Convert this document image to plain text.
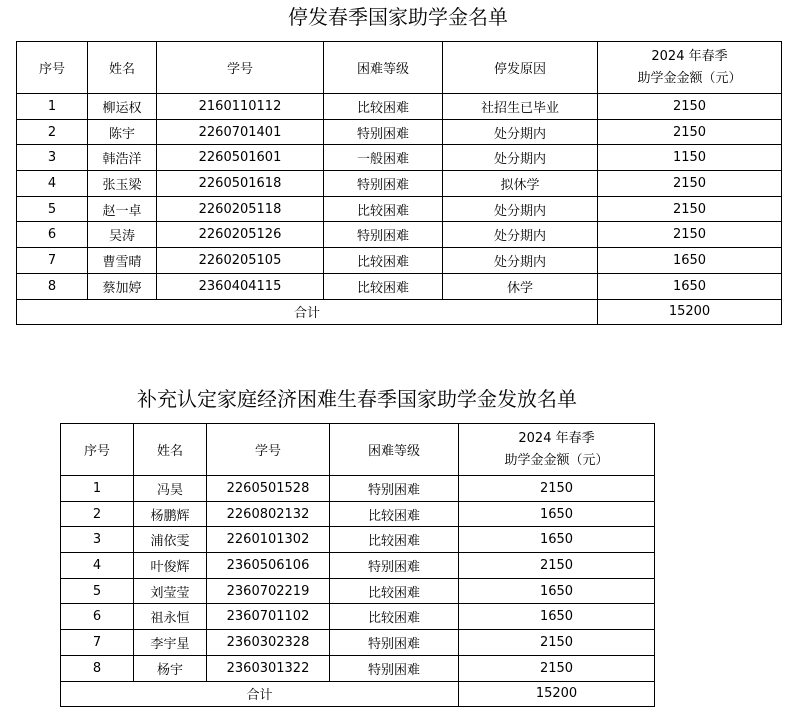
停发春季国家助学金名单
序号	姓名	学号	困难等级	停发原因	2024 年春季
助学金金额（元）

1	柳运权	2160110112	比较困难	社招生已毕业	2150
2	陈宇	2260701401	特别困难	处分期内	2150
3	韩浩洋	2260501601	一般困难	处分期内	1150
4	张玉梁	2260501618	特别困难	拟休学	2150
5	赵一卓	2260205118	比较困难	处分期内	2150
6	吴涛	2260205126	特别困难	处分期内	2150
7	曹雪晴	2260205105	比较困难	处分期内	1650
8	蔡加婷	2360404115	比较困难	休学	1650
合计					15200
补充认定家庭经济困难生春季国家助学金发放名单
序号	姓名	学号	困难等级	2024 年春季
助学金金额（元）

1	冯昊	2260501528	特别困难	2150
2	杨鹏辉	2260802132	比较困难	1650
3	浦依雯	2260101302	比较困难	1650
4	叶俊辉	2360506106	特别困难	2150
5	刘莹莹	2360702219	比较困难	1650
6	祖永恒	2360701102	比较困难	1650
7	李宇星	2360302328	特别困难	2150
8	杨宇	2360301322	特别困难	2150
合计				15200
